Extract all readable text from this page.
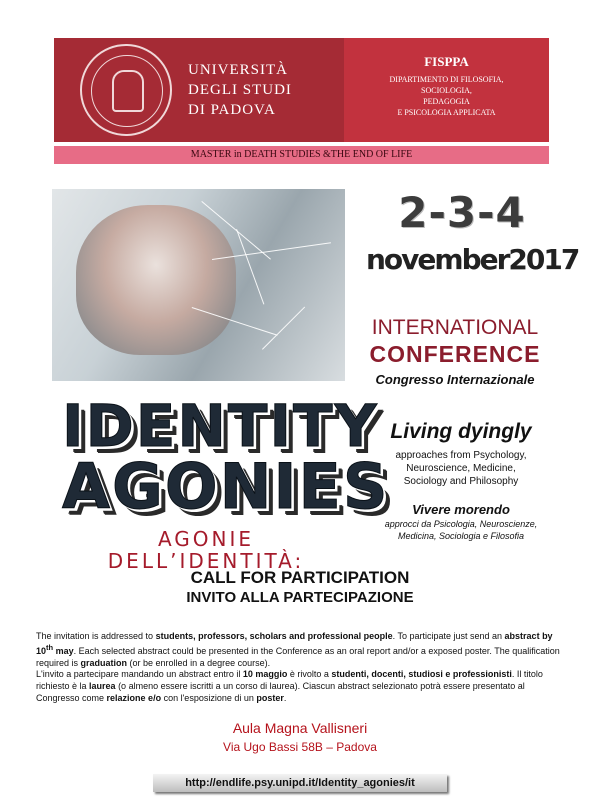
UNIVERSITÀ
DEGLI STUDI
DI PADOVA
FISPPA
DIPARTIMENTO DI FILOSOFIA,
SOCIOLOGIA,
PEDAGOGIA
E PSICOLOGIA APPLICATA
MASTER in DEATH STUDIES &THE END OF LIFE
2-3-4
november2017
INTERNATIONAL
CONFERENCE
Congresso Internazionale
IDENTITY
AGONIES
AGONIE DELL’IDENTITÀ:
Living dyingly
approaches from Psychology,
Neuroscience, Medicine,
Sociology and Philosophy
Vivere morendo
approcci da Psicologia, Neuroscienze,
Medicina, Sociologia e Filosofia
CALL FOR PARTICIPATION
INVITO ALLA PARTECIPAZIONE

The invitation is addressed to students, professors, scholars and professional people. To participate just send an abstract by 10th may. Each selected abstract could be presented in the Conference as an oral report and/or a exposed poster. The qualification required is graduation (or be enrolled in a degree course).

L'invito a partecipare mandando un abstract entro il 10 maggio è rivolto a studenti, docenti, studiosi e professionisti. Il titolo richiesto è la laurea (o almeno essere iscritti a un corso di laurea). Ciascun abstract selezionato potrà essere presentato al Congresso come relazione e/o con l'esposizione di un poster.

Aula Magna Vallisneri
Via Ugo Bassi 58B – Padova
http://endlife.psy.unipd.it/Identity_agonies/it
